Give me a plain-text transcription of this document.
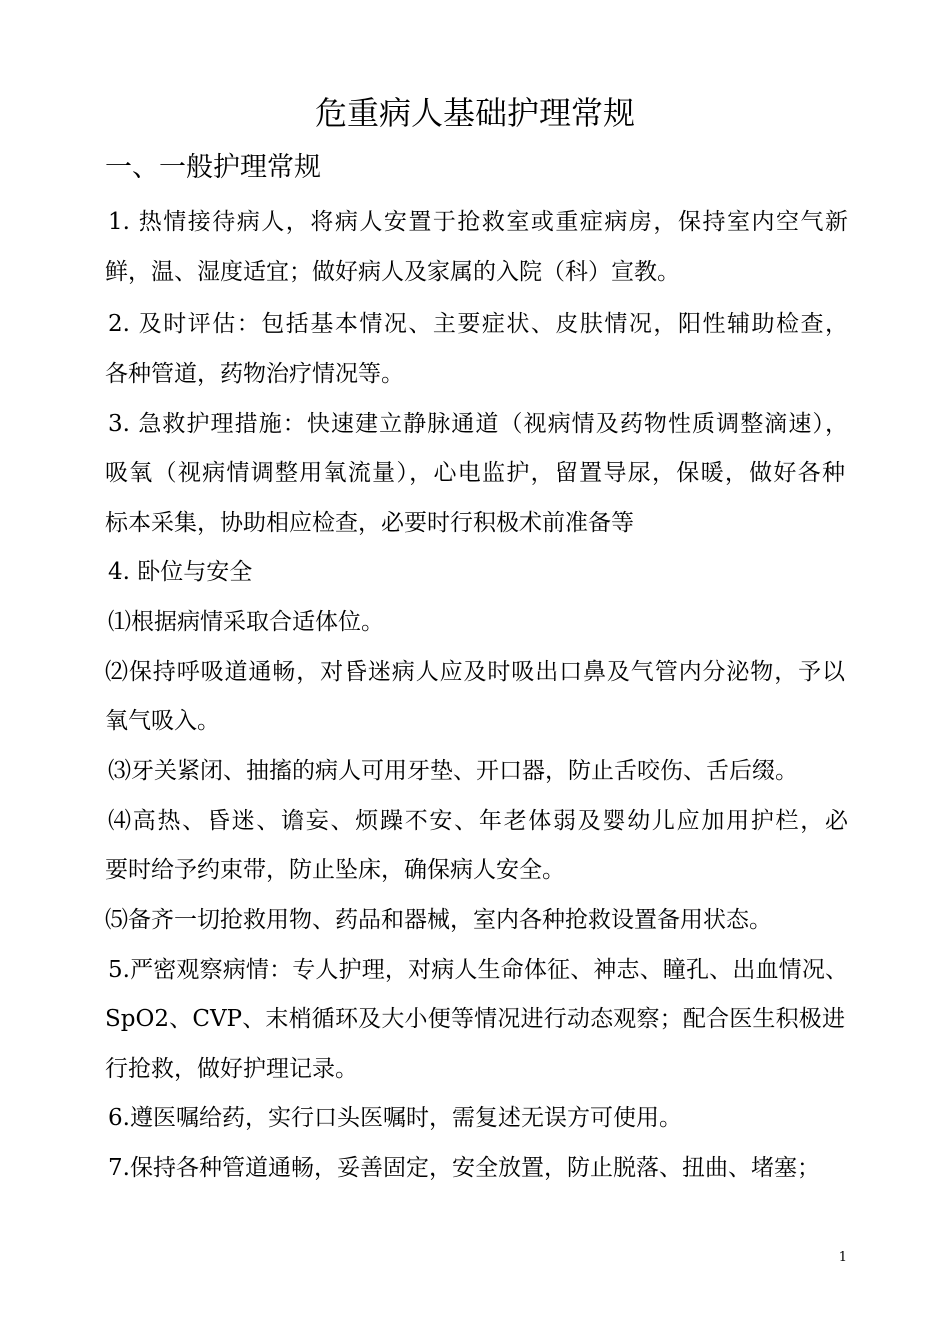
危重病人基础护理常规
一、一般护理常规
1. 热情接待病人，将病人安置于抢救室或重症病房，保持室内空气新
鲜，温、湿度适宜；做好病人及家属的入院（科）宣教。
2. 及时评估：包括基本情况、主要症状、皮肤情况，阳性辅助检查，
各种管道，药物治疗情况等。
3. 急救护理措施：快速建立静脉通道（视病情及药物性质调整滴速），
吸氧（视病情调整用氧流量），心电监护，留置导尿，保暖，做好各种
标本采集，协助相应检查，必要时行积极术前准备等
4. 卧位与安全
⑴根据病情采取合适体位。
⑵保持呼吸道通畅，对昏迷病人应及时吸出口鼻及气管内分泌物，予以
氧气吸入。
⑶牙关紧闭、抽搐的病人可用牙垫、开口器，防止舌咬伤、舌后缀。
⑷高热、昏迷、谵妄、烦躁不安、年老体弱及婴幼儿应加用护栏，必
要时给予约束带，防止坠床，确保病人安全。
⑸备齐一切抢救用物、药品和器械，室内各种抢救设置备用状态。
5.严密观察病情：专人护理，对病人生命体征、神志、瞳孔、出血情况、
SpO2、CVP、末梢循环及大小便等情况进行动态观察；配合医生积极进
行抢救，做好护理记录。
6.遵医嘱给药，实行口头医嘱时，需复述无误方可使用。
7.保持各种管道通畅，妥善固定，安全放置，防止脱落、扭曲、堵塞；
1
